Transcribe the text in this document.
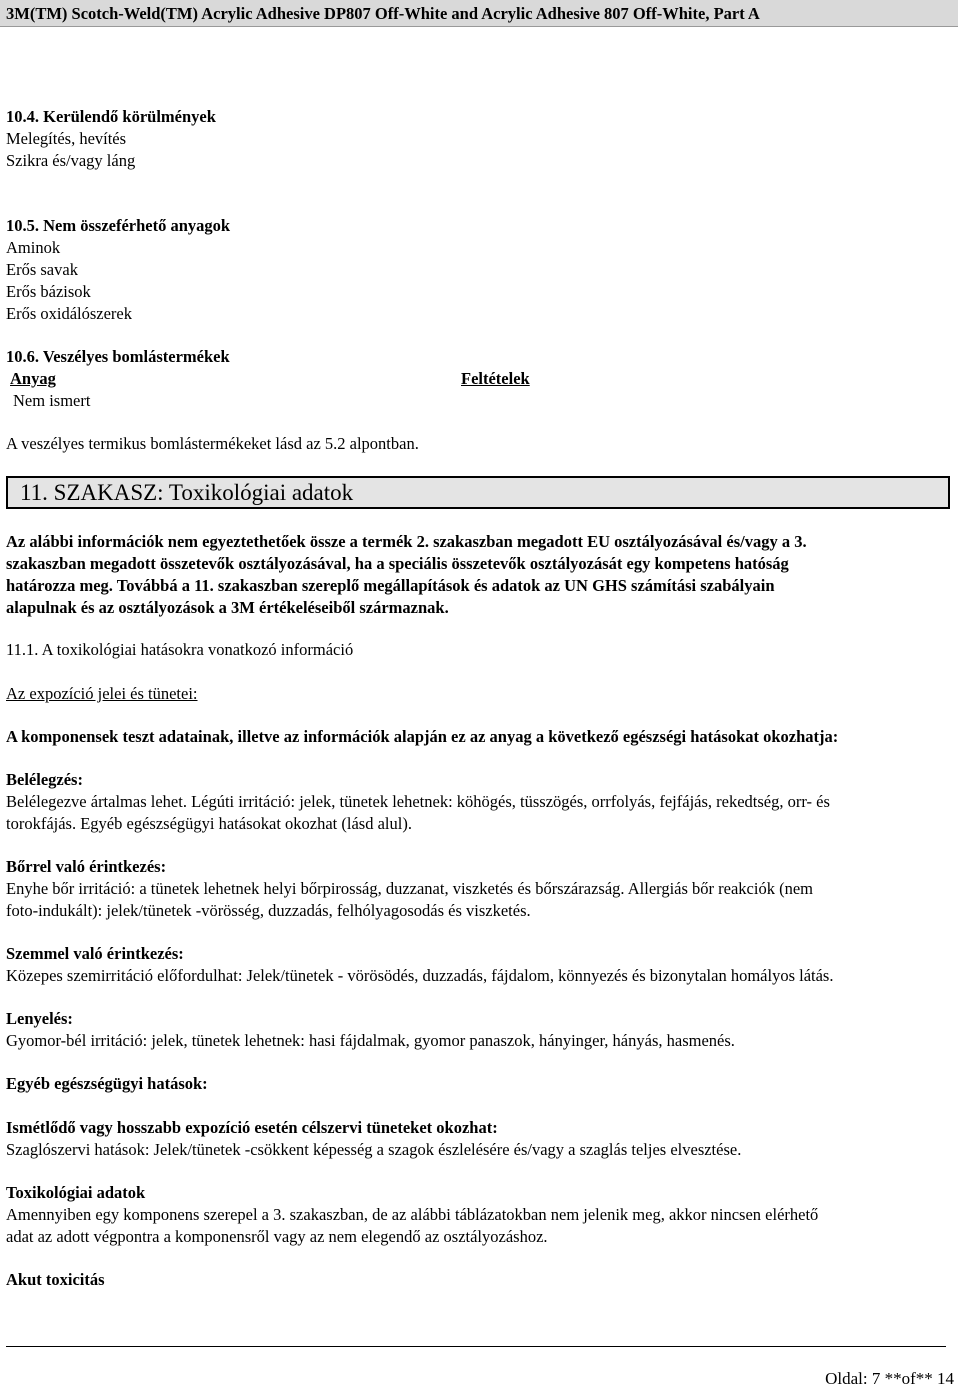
3M(TM) Scotch-Weld(TM) Acrylic Adhesive DP807 Off-White and Acrylic Adhesive 807 Off-White, Part A
10.4. Kerülendő körülmények
Melegítés, hevítés
Szikra és/vagy láng
10.5. Nem összeférhető anyagok
Aminok
Erős savak
Erős bázisok
Erős oxidálószerek
10.6. Veszélyes bomlástermékek
Anyag	Feltételek
Nem ismert
A veszélyes termikus bomlástermékeket lásd az 5.2 alpontban.
11. SZAKASZ: Toxikológiai adatok
Az alábbi információk nem egyeztethetőek össze a termék 2. szakaszban megadott EU osztályozásával és/vagy a 3.
szakaszban megadott összetevők osztályozásával, ha a speciális összetevők osztályozását egy kompetens hatóság
határozza meg. Továbbá a 11. szakaszban szereplő megállapítások és adatok az UN GHS számítási szabályain
alapulnak és az osztályozások a 3M értékeléseiből származnak.
11.1. A toxikológiai hatásokra vonatkozó információ
Az expozíció jelei és tünetei:
A komponensek teszt adatainak, illetve az információk alapján ez az anyag a következő egészségi hatásokat okozhatja:
Belélegzés:
Belélegezve ártalmas lehet. Légúti irritáció: jelek, tünetek lehetnek: köhögés, tüsszögés, orrfolyás, fejfájás, rekedtség, orr- és
torokfájás. Egyéb egészségügyi hatásokat okozhat (lásd alul).
Bőrrel való érintkezés:
Enyhe bőr irritáció: a tünetek lehetnek helyi bőrpirosság, duzzanat, viszketés és bőrszárazság. Allergiás bőr reakciók (nem
foto-indukált): jelek/tünetek -vörösség, duzzadás, felhólyagosodás és viszketés.
Szemmel való érintkezés:
Közepes szemirritáció előfordulhat: Jelek/tünetek - vörösödés, duzzadás, fájdalom, könnyezés és bizonytalan homályos látás.
Lenyelés:
Gyomor-bél irritáció: jelek, tünetek lehetnek: hasi fájdalmak, gyomor panaszok, hányinger, hányás, hasmenés.
Egyéb egészségügyi hatások:
Ismétlődő vagy hosszabb expozíció esetén célszervi tüneteket okozhat:
Szaglószervi hatások: Jelek/tünetek -csökkent képesség a szagok észlelésére és/vagy a szaglás teljes elvesztése.
Toxikológiai adatok
Amennyiben egy komponens szerepel a 3. szakaszban, de az alábbi táblázatokban nem jelenik meg, akkor nincsen elérhető
adat az adott végpontra a komponensről vagy az nem elegendő az osztályozáshoz.
Akut toxicitás
Oldal: 7 **of** 14
